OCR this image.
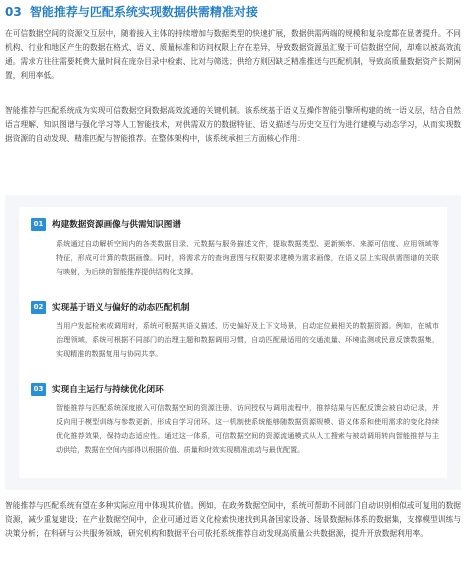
03 智能推荐与匹配系统实现数据供需精准对接

在可信数据空间的资源交互层中，随着接入主体的持续增加与数据类型的快速扩展，数据供需两端的规模和复杂度都在显著提升。不同机构、行业和地区产生的数据在格式、语义、质量标准和访问权限上存在差异，导致数据资源虽汇聚于可信数据空间，却难以被高效流通。需求方往往需要耗费大量时间在庞杂目录中检索、比对与筛选；供给方则因缺乏精准推送与匹配机制，导致高质量数据资产长期闲置，利用率低。

智能推荐与匹配系统成为实现可信数据空间数据高效流通的关键机制。该系统基于语义互操作智能引擎所构建的统一语义层，结合自然语言理解、知识图谱与强化学习等人工智能技术，对供需双方的数据特征、语义描述与历史交互行为进行建模与动态学习，从而实现数据资源的自动发现、精准匹配与智能推荐。在整体架构中，该系统承担三方面核心作用：

01	构建数据资源画像与供需知识图谱

系统通过自动解析空间内的各类数据目录、元数据与服务描述文件，提取数据类型、更新频率、来源可信度、应用领域等特征，形成可计算的数据画像。同时，将需求方的查询意图与权限要求建模为需求画像，在语义层上实现供需图谱的关联与映射，为后续的智能推荐提供结构化支撑。

02	实现基于语义与偏好的动态匹配机制

当用户发起检索或调用时，系统可根据其语义描述、历史偏好及上下文场景，自动定位最相关的数据资源。例如，在城市治理领域，系统可根据不同部门的治理主题和数据调用习惯，自动匹配最适用的交通流量、环境监测或民意反馈数据集，实现精准的数据复用与协同共享。

03	实现自主运行与持续优化闭环

智能推荐与匹配系统深度嵌入可信数据空间的资源注册、访问授权与调用流程中，推荐结果与匹配反馈会被自动记录，并反向用于模型训练与参数更新，形成自学习闭环。这一机制使系统能够随数据资源规模、语义体系和使用需求的变化持续优化推荐效果，保持动态适应性。通过这一体系，可信数据空间的资源流通模式从人工搜索与被动调用转向智能推荐与主动供给，数据在空间内部得以根据价值、质量和时效实现精准流动与最优配置。

智能推荐与匹配系统有望在多种实际应用中体现其价值。例如，在政务数据空间中，系统可帮助不同部门自动识别相似或可复用的数据资源，减少重复建设；在产业数据空间中，企业可通过语义化检索快速找到具备国家设备、场景数据标体系的数据集，支撑模型训练与决策分析；在科研与公共服务领域，研究机构和数据平台可依托系统推荐自动发现高质量公共数据源，提升开放数据利用率。
